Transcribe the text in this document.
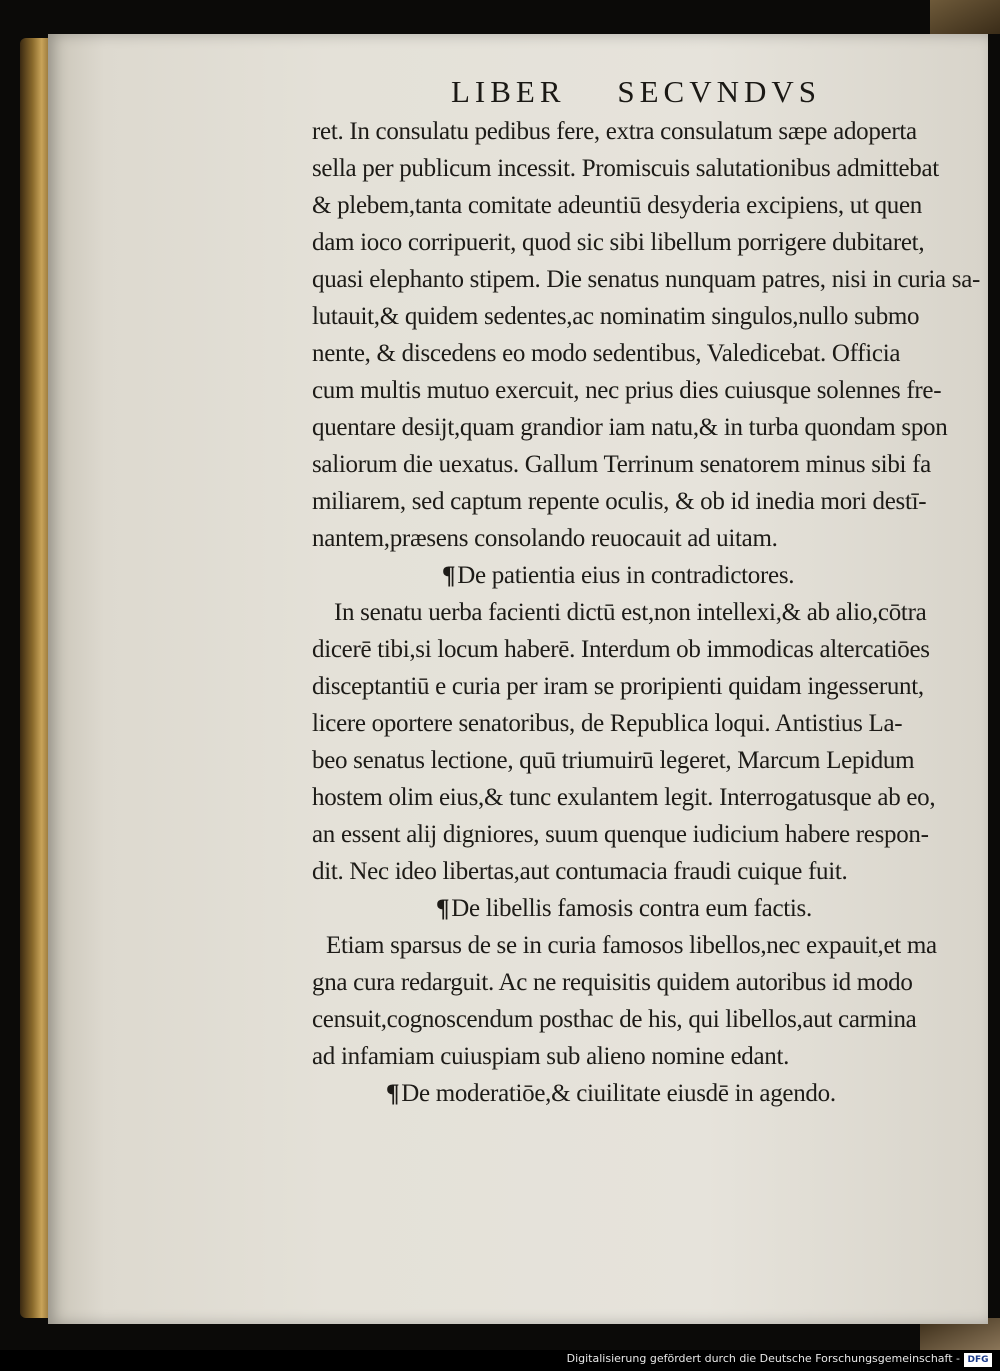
LIBER SECVNDVS
ret. In consulatu pedibus fere, extra consulatum sæpe adoperta
sella per publicum incessit. Promiscuis salutationibus admittebat
& plebem,tanta comitate adeuntiū desyderia excipiens, ut quen
dam ioco corripuerit, quod sic sibi libellum porrigere dubitaret,
quasi elephanto stipem. Die senatus nunquam patres, nisi in curia sa-
lutauit,& quidem sedentes,ac nominatim singulos,nullo submo
nente, & discedens eo modo sedentibus, Valedicebat. Officia
cum multis mutuo exercuit, nec prius dies cuiusque solennes fre-
quentare desijt,quam grandior iam natu,& in turba quondam spon
saliorum die uexatus. Gallum Terrinum senatorem minus sibi fa
miliarem, sed captum repente oculis, & ob id inedia mori destī-
nantem,præsens consolando reuocauit ad uitam.
¶De patientia eius in contradictores.
In senatu uerba facienti dictū est,non intellexi,& ab alio,cōtra
dicerē tibi,si locum haberē. Interdum ob immodicas altercatiōes
disceptantiū e curia per iram se proripienti quidam ingesserunt,
licere oportere senatoribus, de Republica loqui. Antistius La-
beo senatus lectione, quū triumuirū legeret, Marcum Lepidum
hostem olim eius,& tunc exulantem legit. Interrogatusque ab eo,
an essent alij digniores, suum quenque iudicium habere respon-
dit. Nec ideo libertas,aut contumacia fraudi cuique fuit.
¶De libellis famosis contra eum factis.
Etiam sparsus de se in curia famosos libellos,nec expauit,et ma
gna cura redarguit. Ac ne requisitis quidem autoribus id modo
censuit,cognoscendum posthac de his, qui libellos,aut carmina
ad infamiam cuiuspiam sub alieno nomine edant.
¶De moderatiōe,& ciuilitate eiusdē in agendo.
Digitalisierung gefördert durch die Deutsche Forschungsgemeinschaft - DFG
